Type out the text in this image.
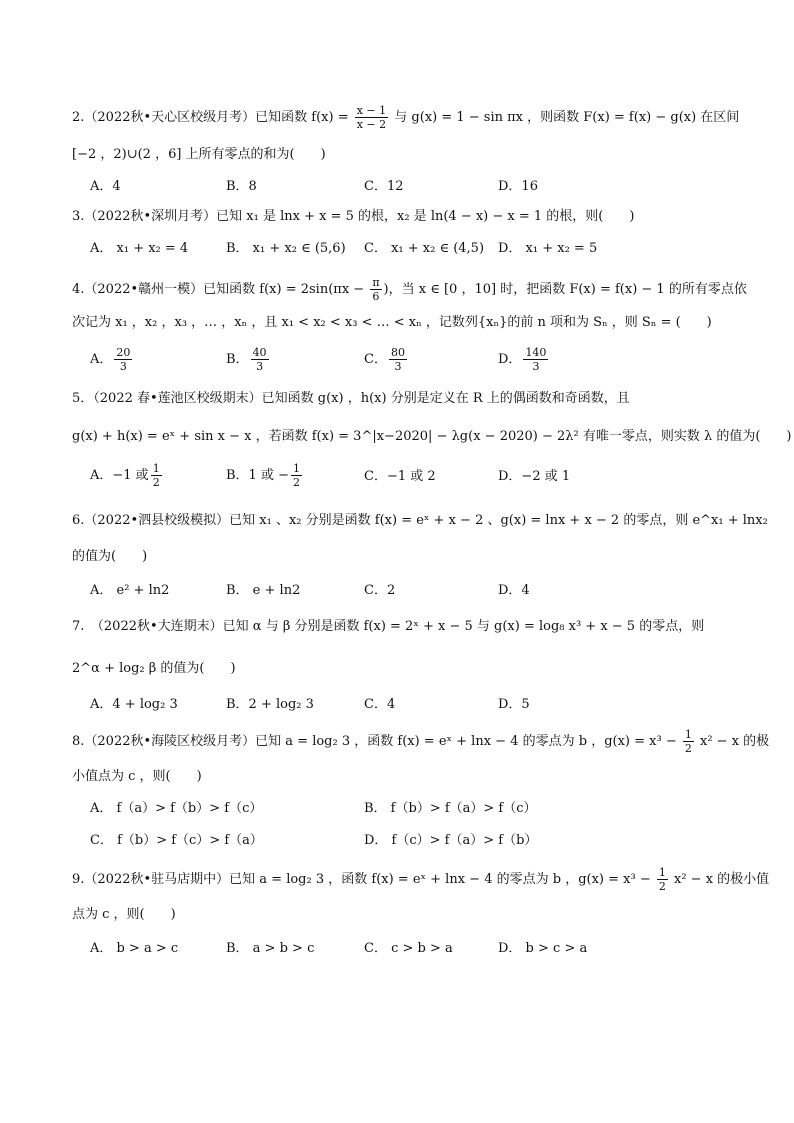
2.（2022秋•天心区校级月考）已知函数 $f(x) = \frac{x - 1}{x - 2}$ 与 g(x) = 1 − sin πx ，则函数 F(x) = f(x) − g(x) 在区间
[−2 ，2)∪(2 ，6] 上所有零点的和为(　　)
A．4	B．8	C．12	D．16
3.（2022秋•深圳月考）已知 x₁ 是 lnx + x = 5 的根，x₂ 是 ln(4 − x) − x = 1 的根，则(　　)
A． x₁ + x₂ = 4	B． x₁ + x₂ ∈ (5,6) C． x₁ + x₂ ∈ (4,5) D． x₁ + x₂ = 5
4.（2022•赣州一模）已知函数 $f(x) = 2\sin(\pi x - \frac{\pi}{6}$ )，当 x ∈ [0 ，10] 时，把函数 F(x) = f(x) − 1 的所有零点依
次记为 x₁ ，x₂ ，x₃ ，… ，xₙ ，且 x₁ < x₂ < x₃ < … < xₙ ，记数列{xₙ}的前 n 项和为 Sₙ ，则 Sₙ = (　　)
A． $\frac{20}{3}$	B． $\frac{40}{3}$	C． $\frac{80}{3}$	D． $\frac{140}{3}$
5．（2022 春•莲池区校级期末）已知函数 g(x) ，h(x) 分别是定义在 R 上的偶函数和奇函数，且
g(x) + h(x) = eˣ + sin x − x ，若函数 f(x) = 3^|x−2020| − λg(x − 2020) − 2λ² 有唯一零点，则实数 λ 的值为(　　)
A．−1 或 $\frac{1}{2}$	B．1 或 − $\frac{1}{2}$	C．−1 或 2	D．−2 或 1
6.（2022•泗县校级模拟）已知 x₁ 、x₂ 分别是函数 f(x) = eˣ + x − 2 、g(x) = lnx + x − 2 的零点，则 e^x₁ + lnx₂
的值为(　　)
A． e² + ln2	B． e + ln2	C．2	D．4
7.　（2022秋•大连期末）已知 α 与 β 分别是函数 f(x) = 2ˣ + x − 5 与 g(x) = log₈ x³ + x − 5 的零点，则
2^α + log₂ β 的值为(　　)
A．4 + log₂ 3	B．2 + log₂ 3	C．4	D．5
8.（2022秋•海陵区校级月考）已知 a = log₂ 3 ，函数 f(x) = eˣ + lnx − 4 的零点为 b ，$g(x) = x^3 - \frac{1}{2} x^2 - x$ 的极
小值点为 c ，则(　　)
A． f（a）> f（b）> f（c）	B． f（b）> f（a）> f（c）
C． f（b）> f（c）> f（a）	D． f（c）> f（a）> f（b）
9.（2022秋•驻马店期中）已知 a = log₂ 3 ，函数 f(x) = eˣ + lnx − 4 的零点为 b ，$g(x) = x^3 - \frac{1}{2} x^2 - x$ 的极小值
点为 c ，则(　　)
A． b > a > c	B． a > b > c	C． c > b > a	D． b > c > a
